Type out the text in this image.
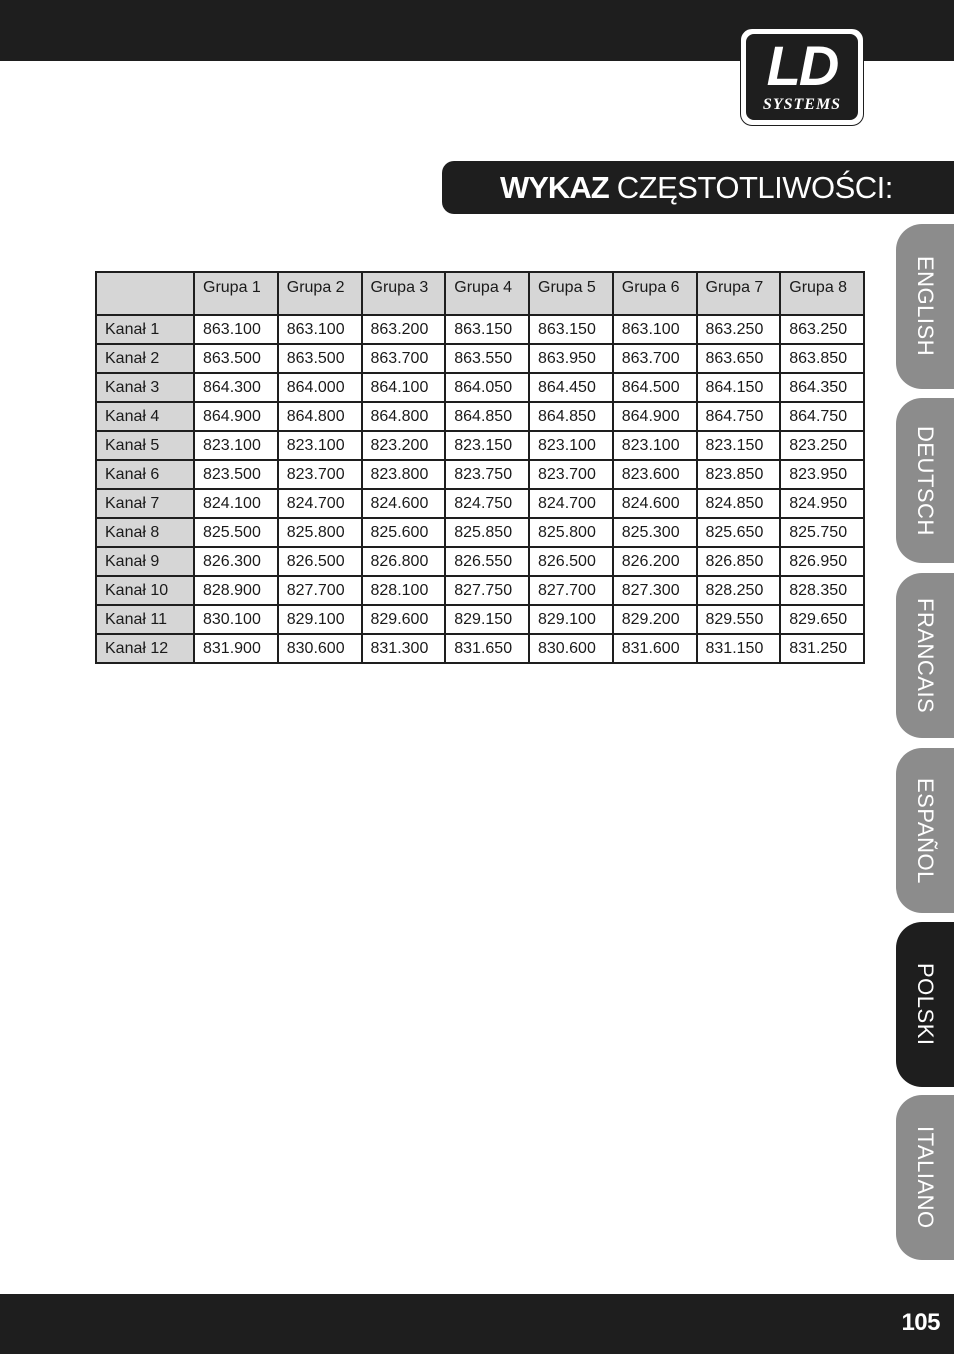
LD
SYSTEMS
WYKAZ CZĘSTOTLIWOŚCI:
	Grupa 1	Grupa 2	Grupa 3	Grupa 4	Grupa 5	Grupa 6	Grupa 7	Grupa 8
Kanał 1	863.100	863.100	863.200	863.150	863.150	863.100	863.250	863.250
Kanał 2	863.500	863.500	863.700	863.550	863.950	863.700	863.650	863.850
Kanał 3	864.300	864.000	864.100	864.050	864.450	864.500	864.150	864.350
Kanał 4	864.900	864.800	864.800	864.850	864.850	864.900	864.750	864.750
Kanał 5	823.100	823.100	823.200	823.150	823.100	823.100	823.150	823.250
Kanał 6	823.500	823.700	823.800	823.750	823.700	823.600	823.850	823.950
Kanał 7	824.100	824.700	824.600	824.750	824.700	824.600	824.850	824.950
Kanał 8	825.500	825.800	825.600	825.850	825.800	825.300	825.650	825.750
Kanał 9	826.300	826.500	826.800	826.550	826.500	826.200	826.850	826.950
Kanał 10	828.900	827.700	828.100	827.750	827.700	827.300	828.250	828.350
Kanał 11	830.100	829.100	829.600	829.150	829.100	829.200	829.550	829.650
Kanał 12	831.900	830.600	831.300	831.650	830.600	831.600	831.150	831.250
ENGLISH
DEUTSCH
FRANCAIS
ESPAÑOL
POLSKI
ITALIANO
105
